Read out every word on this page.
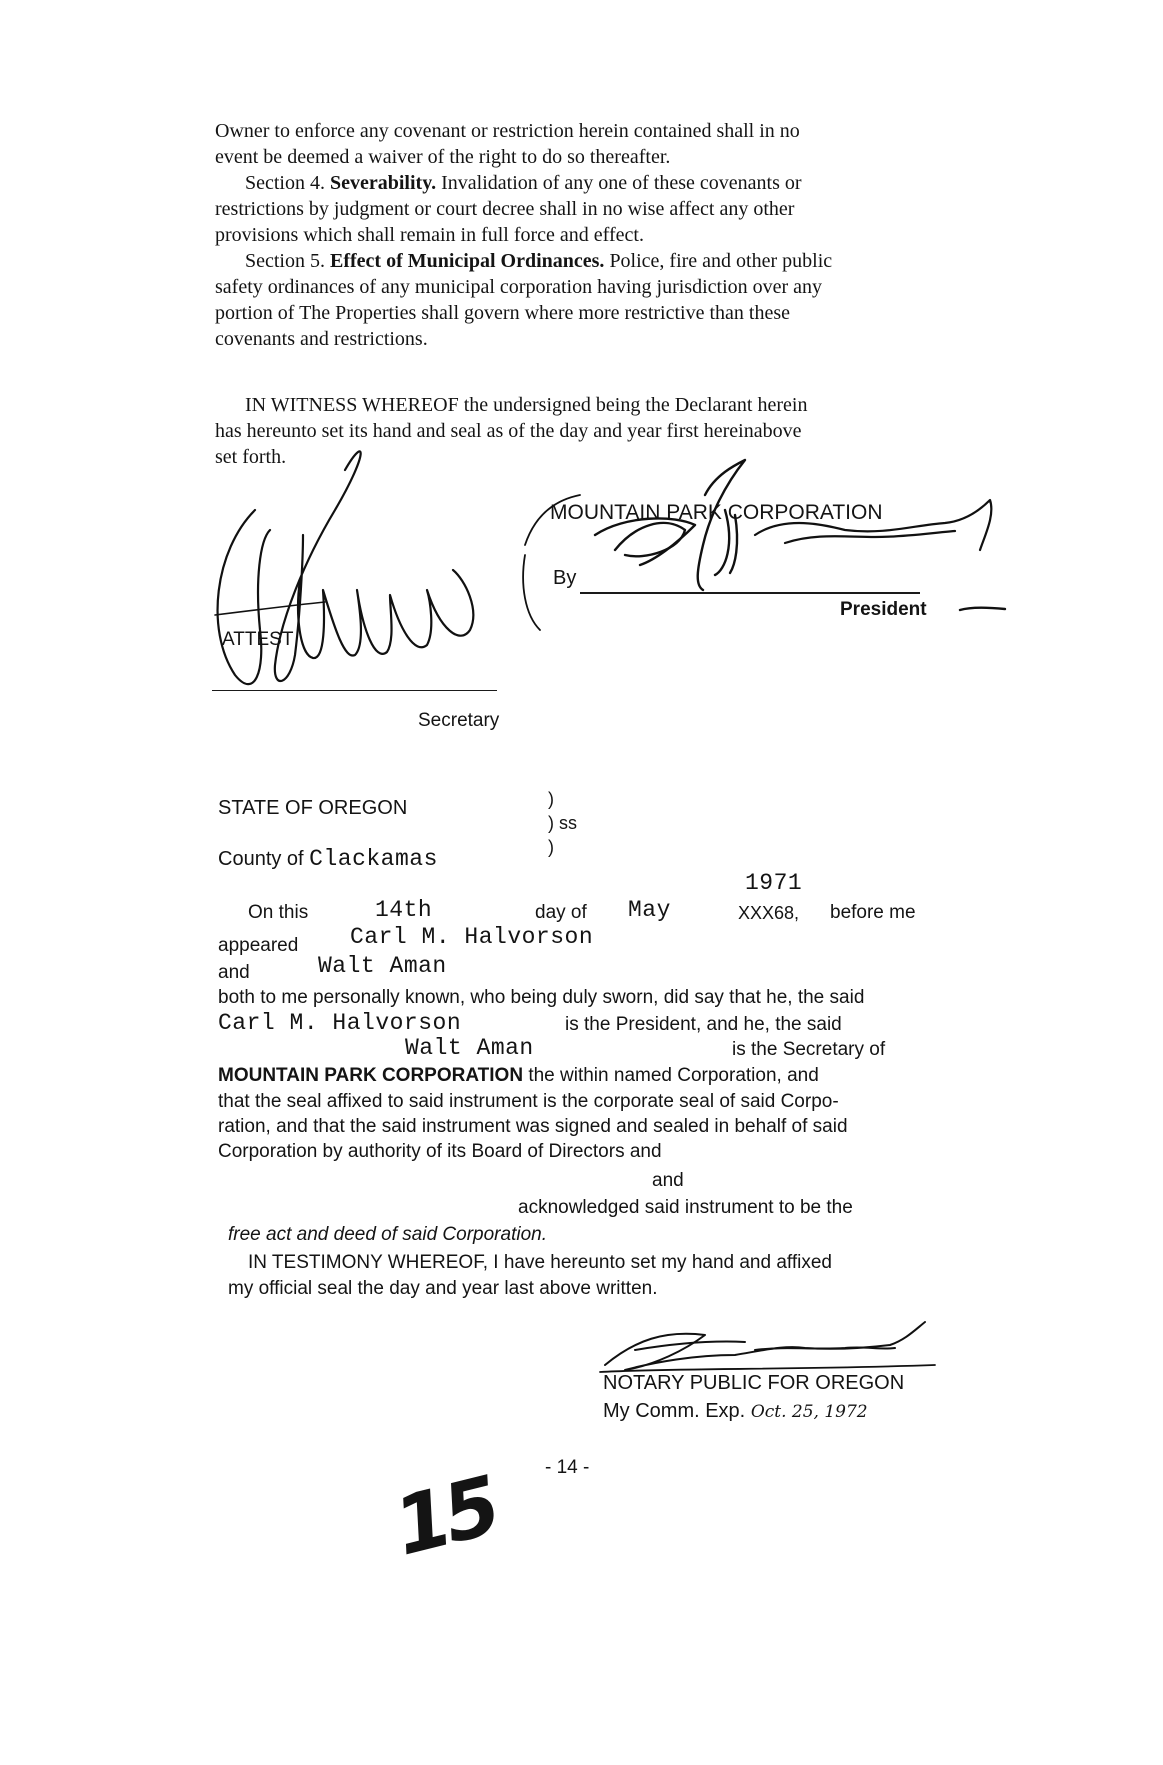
Owner to enforce any covenant or restriction herein contained shall in no
event be deemed a waiver of the right to do so thereafter.
Section 4. Severability. Invalidation of any one of these covenants or
restrictions by judgment or court decree shall in no wise affect any other
provisions which shall remain in full force and effect.
Section 5. Effect of Municipal Ordinances. Police, fire and other public
safety ordinances of any municipal corporation having jurisdiction over any
portion of The Properties shall govern where more restrictive than these
covenants and restrictions.
IN WITNESS WHEREOF the undersigned being the Declarant herein
has hereunto set its hand and seal as of the day and year first hereinabove
set forth.
MOUNTAIN PARK CORPORATION
By
President
ATTEST
Secretary
STATE OF OREGON	)
) ss
)
County of Clackamas
1971
On this	14th	day of May	XXX68, before me
appeared Carl M. Halvorson
and	Walt Aman
both to me personally known, who being duly sworn, did say that he, the said
Carl M. Halvorson	is the President, and he, the said
Walt Aman	is the Secretary of
MOUNTAIN PARK CORPORATION the within named Corporation, and
that the seal affixed to said instrument is the corporate seal of said Corpo-
ration, and that the said instrument was signed and sealed in behalf of said
Corporation by authority of its Board of Directors and
and
acknowledged said instrument to be the
free act and deed of said Corporation.
IN TESTIMONY WHEREOF, I have hereunto set my hand and affixed
my official seal the day and year last above written.
NOTARY PUBLIC FOR OREGON
My Comm. Exp. Oct. 25, 1972
- 14 -
15
